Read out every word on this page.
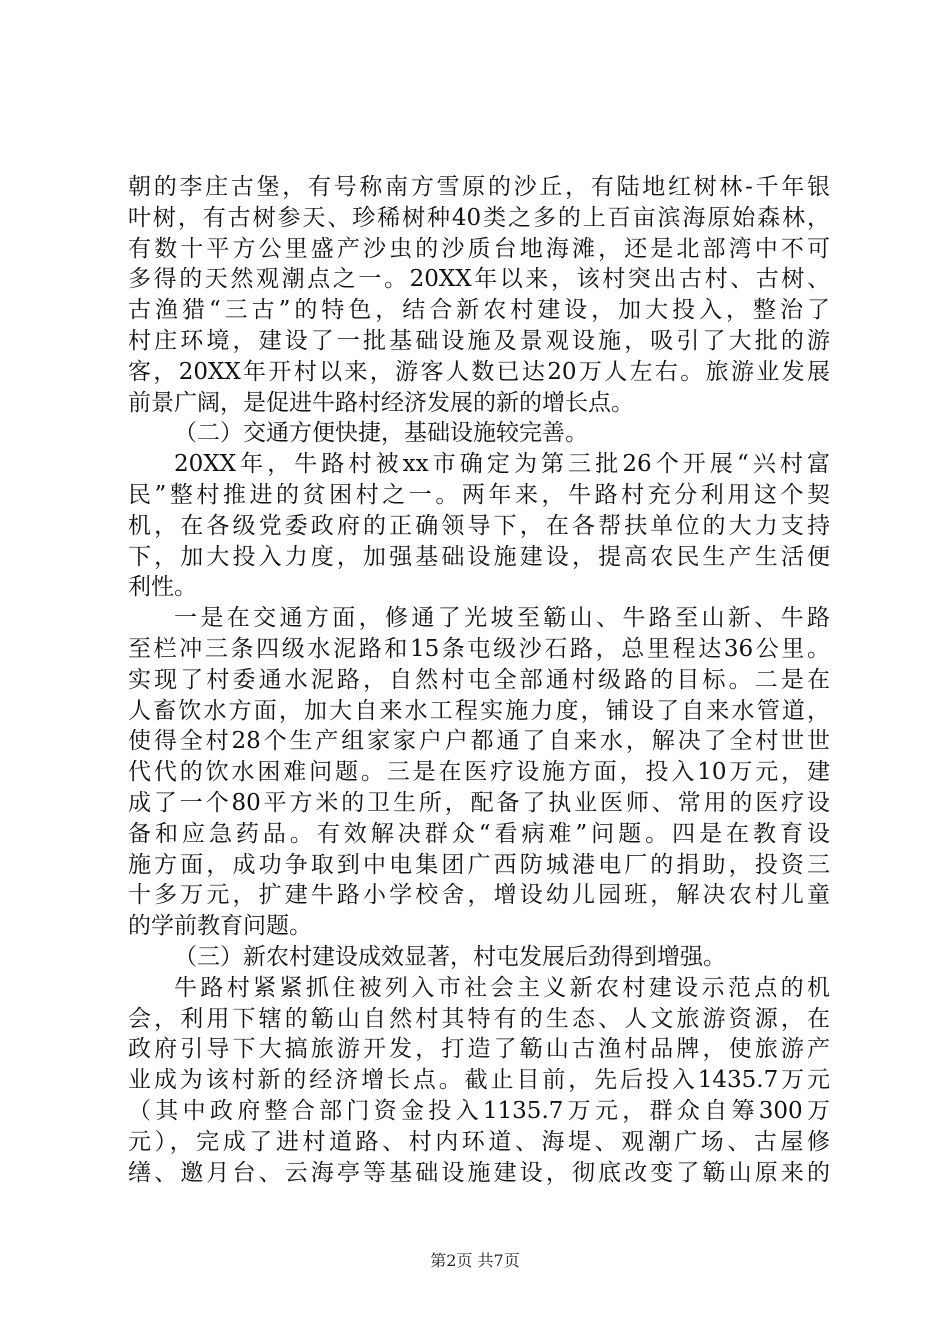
朝的李庄古堡，有号称南方雪原的沙丘，有陆地红树林-千年银
叶树，有古树参天、珍稀树种40类之多的上百亩滨海原始森林，
有数十平方公里盛产沙虫的沙质台地海滩，还是北部湾中不可
多得的天然观潮点之一。20XX年以来，该村突出古村、古树、
古渔猎“三古”的特色，结合新农村建设，加大投入，整治了
村庄环境，建设了一批基础设施及景观设施，吸引了大批的游
客，20XX年开村以来，游客人数已达20万人左右。旅游业发展
前景广阔，是促进牛路村经济发展的新的增长点。
（二）交通方便快捷，基础设施较完善。
20XX年，牛路村被xx市确定为第三批26个开展“兴村富
民”整村推进的贫困村之一。两年来，牛路村充分利用这个契
机，在各级党委政府的正确领导下，在各帮扶单位的大力支持
下，加大投入力度，加强基础设施建设，提高农民生产生活便
利性。
一是在交通方面，修通了光坡至簕山、牛路至山新、牛路
至栏冲三条四级水泥路和15条屯级沙石路，总里程达36公里。
实现了村委通水泥路，自然村屯全部通村级路的目标。二是在
人畜饮水方面，加大自来水工程实施力度，铺设了自来水管道，
使得全村28个生产组家家户户都通了自来水，解决了全村世世
代代的饮水困难问题。三是在医疗设施方面，投入10万元，建
成了一个80平方米的卫生所，配备了执业医师、常用的医疗设
备和应急药品。有效解决群众“看病难”问题。四是在教育设
施方面，成功争取到中电集团广西防城港电厂的捐助，投资三
十多万元，扩建牛路小学校舍，增设幼儿园班，解决农村儿童
的学前教育问题。
（三）新农村建设成效显著，村屯发展后劲得到增强。
牛路村紧紧抓住被列入市社会主义新农村建设示范点的机
会，利用下辖的簕山自然村其特有的生态、人文旅游资源，在
政府引导下大搞旅游开发，打造了簕山古渔村品牌，使旅游产
业成为该村新的经济增长点。截止目前，先后投入1435.7万元
（其中政府整合部门资金投入1135.7万元，群众自筹300万
元），完成了进村道路、村内环道、海堤、观潮广场、古屋修
缮、邀月台、云海亭等基础设施建设，彻底改变了簕山原来的
第2页 共7页
